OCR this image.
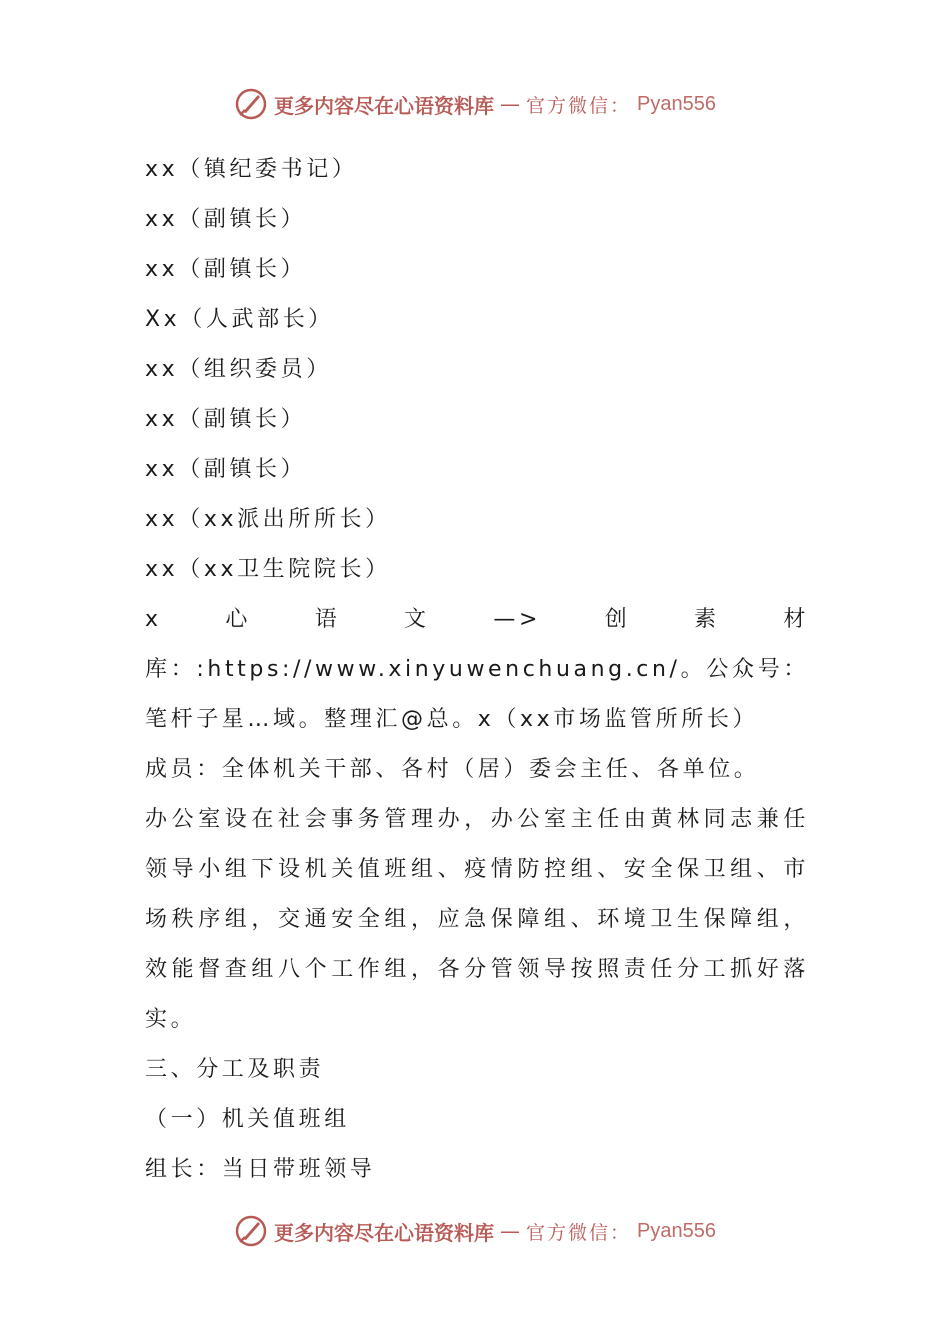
更多内容尽在心语资料库 — 官方微信： Pyan556
xx（镇纪委书记）
xx（副镇长）
xx（副镇长）
Xx（人武部长）
xx（组织委员）
xx（副镇长）
xx（副镇长）
xx（xx派出所所长）
xx（xx卫生院院长）

x心语文—>创素材库：:https://www.xinyuwenchuang.cn/。公众号：笔杆子星…域。整理汇@总。x（xx市场监管所所长）

成员：全体机关干部、各村（居）委会主任、各单位。

办公室设在社会事务管理办，办公室主任由黄林同志兼任领导小组下设机关值班组、疫情防控组、安全保卫组、市场秩序组，交通安全组，应急保障组、环境卫生保障组，效能督查组八个工作组，各分管领导按照责任分工抓好落实。

三、分工及职责
（一）机关值班组
组长：当日带班领导
更多内容尽在心语资料库 — 官方微信： Pyan556
